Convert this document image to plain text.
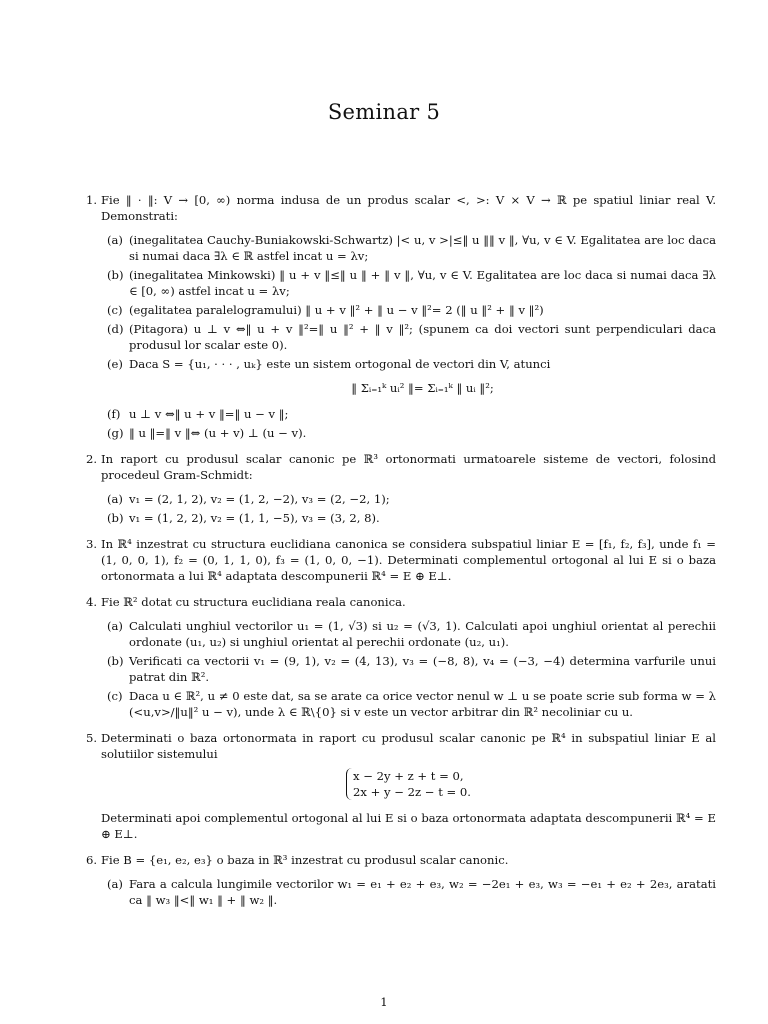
Seminar 5
1. Fie ‖ · ‖: V → [0, ∞) norma indusa de un produs scalar <, >: V × V → ℝ pe spatiul liniar real V. Demonstrati:
(a) (inegalitatea Cauchy-Buniakowski-Schwartz) |< u, v >|≤‖ u ‖‖ v ‖, ∀u, v ∈ V. Egalitatea are loc daca si numai daca ∃λ ∈ ℝ astfel incat u = λv;
(b) (inegalitatea Minkowski) ‖ u + v ‖≤‖ u ‖ + ‖ v ‖, ∀u, v ∈ V. Egalitatea are loc daca si numai daca ∃λ ∈ [0, ∞) astfel incat u = λv;
(c) (egalitatea paralelogramului) ‖ u + v ‖² + ‖ u − v ‖²= 2 (‖ u ‖² + ‖ v ‖²)
(d) (Pitagora) u ⊥ v ⇔‖ u + v ‖²=‖ u ‖² + ‖ v ‖²; (spunem ca doi vectori sunt perpendiculari daca produsul lor scalar este 0).
(e) Daca S = {u₁, · · · , uₖ} este un sistem ortogonal de vectori din V, atunci
‖ Σᵢ₌₁ᵏ uᵢ² ‖= Σᵢ₌₁ᵏ ‖ uᵢ ‖²;
(f) u ⊥ v ⇔‖ u + v ‖=‖ u − v ‖;
(g) ‖ u ‖=‖ v ‖⇔ (u + v) ⊥ (u − v).
2. In raport cu produsul scalar canonic pe ℝ³ ortonormati urmatoarele sisteme de vectori, folosind procedeul Gram-Schmidt:
(a) v₁ = (2, 1, 2), v₂ = (1, 2, −2), v₃ = (2, −2, 1);
(b) v₁ = (1, 2, 2), v₂ = (1, 1, −5), v₃ = (3, 2, 8).
3. In ℝ⁴ inzestrat cu structura euclidiana canonica se considera subspatiul liniar E = [f₁, f₂, f₃], unde f₁ = (1, 0, 0, 1), f₂ = (0, 1, 1, 0), f₃ = (1, 0, 0, −1). Determinati complementul ortogonal al lui E si o baza ortonormata a lui ℝ⁴ adaptata descompunerii ℝ⁴ = E ⊕ E⊥.
4. Fie ℝ² dotat cu structura euclidiana reala canonica.
(a) Calculati unghiul vectorilor u₁ = (1, √3) si u₂ = (√3, 1). Calculati apoi unghiul orientat al perechii ordonate (u₁, u₂) si unghiul orientat al perechii ordonate (u₂, u₁).
(b) Verificati ca vectorii v₁ = (9, 1), v₂ = (4, 13), v₃ = (−8, 8), v₄ = (−3, −4) determina varfurile unui patrat din ℝ².
(c) Daca u ∈ ℝ², u ≠ 0 este dat, sa se arate ca orice vector nenul w ⊥ u se poate scrie sub forma w = λ (<u,v>/‖u‖² u − v), unde λ ∈ ℝ\{0} si v este un vector arbitrar din ℝ² necoliniar cu u.
5. Determinati o baza ortonormata in raport cu produsul scalar canonic pe ℝ⁴ in subspatiul liniar E al solutiilor sistemului
x − 2y + z + t = 0,
2x + y − 2z − t = 0.
Determinati apoi complementul ortogonal al lui E si o baza ortonormata adaptata descompunerii ℝ⁴ = E ⊕ E⊥.
6. Fie B = {e₁, e₂, e₃} o baza in ℝ³ inzestrat cu produsul scalar canonic.
(a) Fara a calcula lungimile vectorilor w₁ = e₁ + e₂ + e₃, w₂ = −2e₁ + e₃, w₃ = −e₁ + e₂ + 2e₃, aratati ca ‖ w₃ ‖<‖ w₁ ‖ + ‖ w₂ ‖.
1
